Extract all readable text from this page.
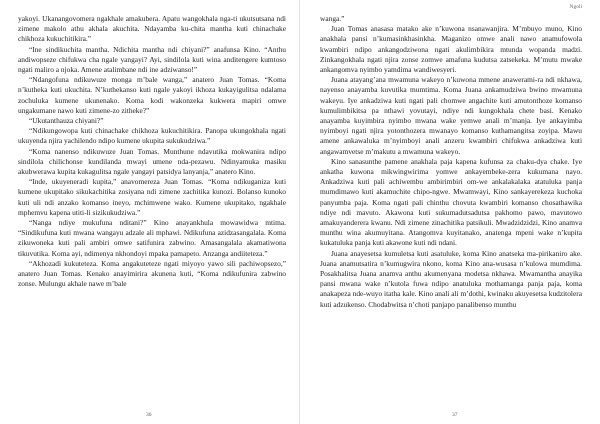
yakoyi. Ukanangovomera ngakhale amakubera. Apatu wangokhala nga-ti ukutsutsana ndi zimene makolo athu akhala akuchita. Ndayamba ku-chita mantha kuti chinachake chikhoza kukuchitikira.”

“Ine sindikuchita mantha. Ndichita mantha ndi chiyani?” anafunsa Kino. “Anthu andiwopseze chifukwa cha ngale yangayi? Ayi, sindilola kuti wina anditengere kumtoso ngati maliro a njoka. Amene atalimbane ndi ine adziwanso!”

“Ndangofuna ndikuwuze monga m’bale wanga,” anatero Juan Tomas. “Koma n’kutheka kuti ukuchita. N’kuthekanso kuti ngale yakoyi ikhoza kukayigulitsa ndalama zochuluka kumene ukunenako. Koma kodi wakonzeka kukwera mapiri omwe ungakumane nawo kuti zimene-zo zitheke?”

“Ukutanthauza chiyani?”

“Ndikungowopa kuti chinachake chikhoza kukuchitikira. Panopa ukungokhala ngati ukuyenda njira yachilendo ndipo kumene ukupita sukukudziwa.”

“Koma nanenso ndikuwuze Juan Tomas. Munthune ndavutika mokwanira ndipo sindilola chilichonse kundilanda mwayi umene nda-pezawu. Ndinyamuka masiku akubwerawa kupita kukagulitsa ngale yangayi patsidya lanyanja,” anatero Kino.

“Inde, ukuyeneradi kupita,” anavomereza Juan Tomas. “Koma ndikuganiza kuti kumene ukupitako sikukachitika zosiyana ndi zimene zachitika kunozi. Bolanso kunoko kuti uli ndi anzako komanso ineyo, mchimwene wako. Kumene ukupitako, ngakhale mphemvu kapena utiti-li sizikukudziwa.”

“Nanga ndiye mukufuna nditani?” Kino anayankhula mowawidwa mtima. “Sindikufuna kuti mwana wangayu adzale ali mphawi. Ndikufuna azidzasangalala. Koma zikuwoneka kuti pali ambiri omwe satifunira zabwino. Amasangalala akamatiwona tikuvutika. Koma ayi, ndimenya nkhondoyi mpaka pamapeto. Anzanga andiiteteza.”

“Akhozadi kukuteteza. Koma angakuteteze ngati miyoyo yawo sili pachiwopsezo,” anatero Juan Tomas. Kenako anayimirira akunena kuti, “Koma ndikufunira zabwino zonse. Mulungu akhale nawe m’bale

36
Ngoli

wanga.”

Juan Tomas anasasa matako ake n’kuwona nsanawanjira. M’mbuyo muno, Kino anakhala pansi n’kumasinkhasinkha. Maganizo omwe anali nawo anamufowola kwambiri ndipo ankangodziwona ngati akulimbikira mtunda wopanda madzi. Zinkangokhala ngati njira zonse zomwe amafuna kudutsa zatsekeka. M’mutu mwake ankangomva nyimbo yamdima wandiwesyeri.

Juana atayang’ana mwamuna wakeyo n’kuwona mmene anawerami-ra ndi nkhawa, nayenso anayamba kuvutika mumtima. Koma Juana ankamudziwa bwino mwamuna wakeyu. Iye ankadziwa kuti ngati pali chomwe angachite kuti amutonthoze komanso kumulimbikitsa pa nthawi yovutayi, ndiye ndi kungokhala chete basi. Kenako anayamba kuyimbira nyimbo mwana wake yemwe anali m’manja. Iye ankayimba nyimboyi ngati njira yotonthozera mwanayo komanso kuthamangitsa zoyipa. Mawu amene ankawaluka m’nyimboyi anali anzeru kwambiri chifukwa ankadziwa kuti angawamvetse m’makutu a mwamuna wakeyo.

Kino sanasunthe pamene anakhala paja kapena kufunsa za chaku-dya chake. Iye ankatha kuwona mikwingwirima yomwe ankayembeke-zera kukumana nayo. Ankadziwa kuti pali achiwembu ambirimbiri om-we ankalakalaka atatuluka panja mumdimawo kuti akamuchite chipo-ngwe. Mwamwayi, Kino sankayerekeza kuchoka panyumba paja. Koma ngati pali chinthu chovuta kwambiri komanso chosathawika ndiye ndi mavuto. Akawona kuti sukumadutsadutsa pakhomo pawo, mavutowo amakuyanderera kwanu. Ndi zimene zinachitika patsikuli. Mwadzidzidzi, Kino anamva munthu wina akumuyitana. Atangomva kuyitanako, anatenga mpeni wake n’kupita kukatuluka panja kuti akawone kuti ndi ndani.

Juana anayesetsa kumuletsa kuti asatuluke, koma Kino anatseka ma-pirikaniro ake. Juana anamutsatira n’kumugwira nkono, koma Kino ana-wusasa n’kulowa mumdima. Posakhalitsa Juana anamva anthu akumenyana modetsa nkhawa. Mwamantha anayika pansi mwana wake n’kutola fuwa ndipo anatuluka mothamanga panja paja, koma anakapeza nde-wuyo itatha kale. Kino anali ali m’dothi, kwinaku akuyesetsa kudzitolera kuti adzukenso. Chodabwitsa n’choti panjapo panalibenso munthu

37
